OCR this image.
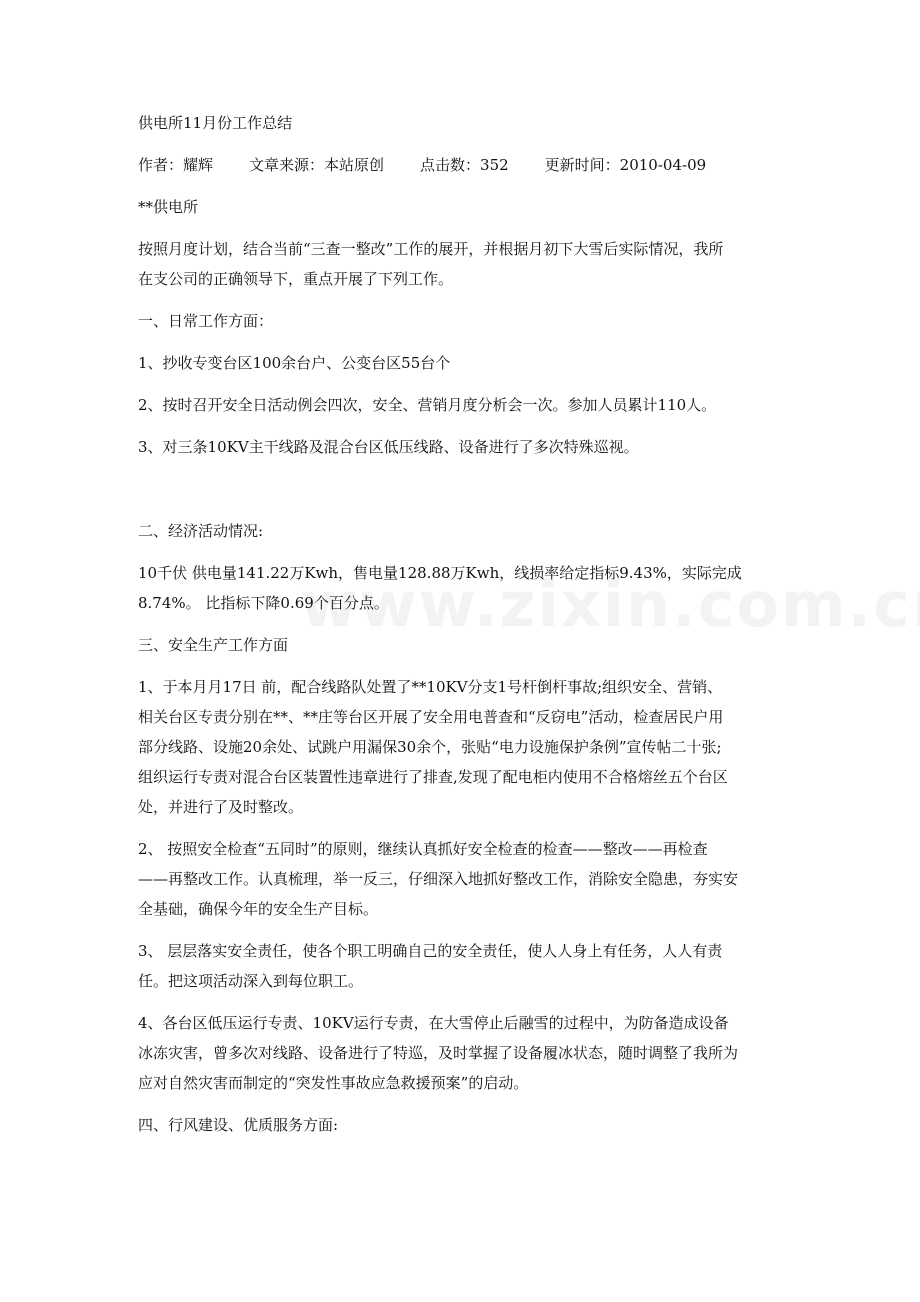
供电所11月份工作总结

作者：耀辉 文章来源：本站原创 点击数：352 更新时间：2010-04-09

**供电所

按照月度计划，结合当前“三查一整改”工作的展开，并根据月初下大雪后实际情况，我所

在支公司的正确领导下，重点开展了下列工作。

一、日常工作方面：

1、抄收专变台区100余台户、公变台区55台个

2、按时召开安全日活动例会四次，安全、营销月度分析会一次。参加人员累计110人。

3、对三条10KV主干线路及混合台区低压线路、设备进行了多次特殊巡视。

二、经济活动情况:

10千伏 供电量141.22万Kwh，售电量128.88万Kwh，线损率给定指标9.43%，实际完成

8.74%。 比指标下降0.69个百分点。

三、安全生产工作方面

1、于本月月17日 前，配合线路队处置了**10KV分支1号杆倒杆事故;组织安全、营销、

相关台区专责分别在**、**庄等台区开展了安全用电普查和“反窃电”活动，检查居民户用

部分线路、设施20余处、试跳户用漏保30余个，张贴“电力设施保护条例”宣传帖二十张;

组织运行专责对混合台区装置性违章进行了排查,发现了配电柜内使用不合格熔丝五个台区

处，并进行了及时整改。

2、 按照安全检查“五同时”的原则，继续认真抓好安全检查的检查——整改——再检查

——再整改工作。认真梳理，举一反三，仔细深入地抓好整改工作，消除安全隐患，夯实安

全基础，确保今年的安全生产目标。

3、 层层落实安全责任，使各个职工明确自己的安全责任，使人人身上有任务，人人有责

任。把这项活动深入到每位职工。

4、各台区低压运行专责、10KV运行专责，在大雪停止后融雪的过程中，为防备造成设备

冰冻灾害，曾多次对线路、设备进行了特巡，及时掌握了设备履冰状态，随时调整了我所为

应对自然灾害而制定的“突发性事故应急救援预案”的启动。

四、行风建设、优质服务方面:
